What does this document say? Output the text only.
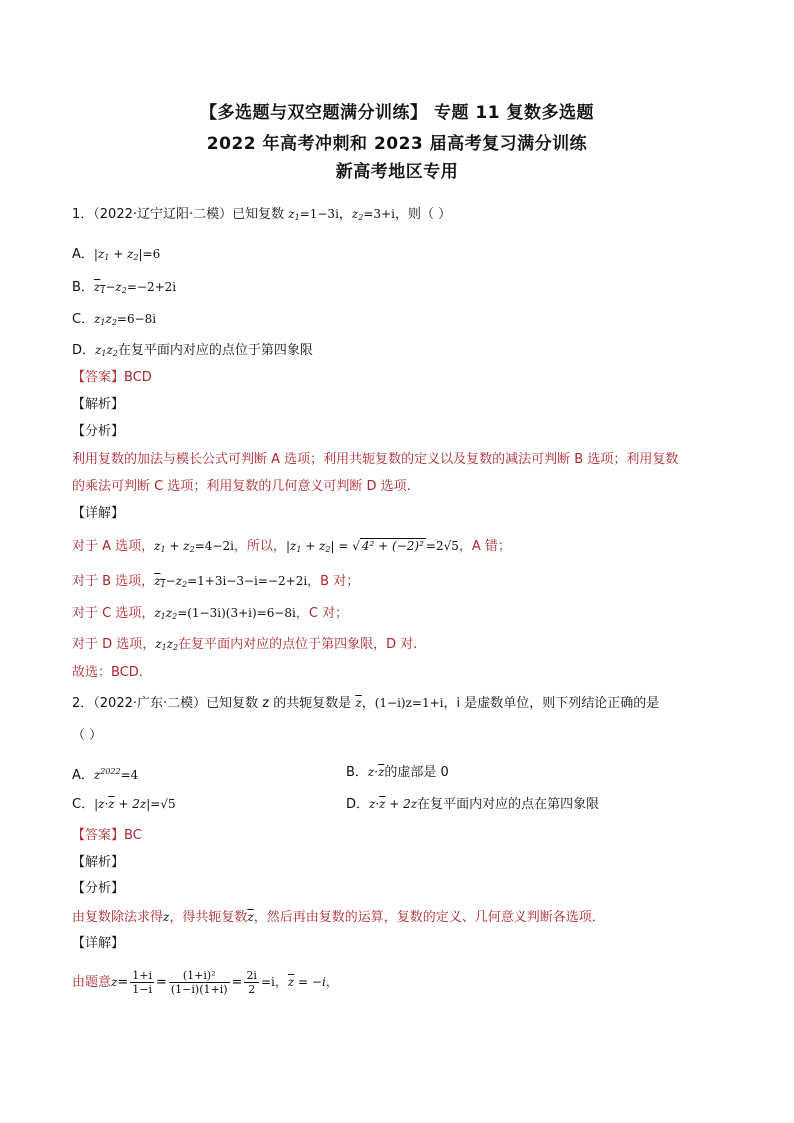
【多选题与双空题满分训练】 专题 11 复数多选题
2022 年高考冲刺和 2023 届高考复习满分训练
新高考地区专用
1．（2022·辽宁辽阳·二模）已知复数 $z_1=1-3i$，$z_2=3+i$，则（ ）
A．$|z_1 + z_2|=6$
B．$z_1-z_2=-2+2i$
C．$z_1z_2=6-8i$
D．$z_1z_2$在复平面内对应的点位于第四象限
【答案】BCD
【解析】
【分析】
利用复数的加法与模长公式可判断 A 选项；利用共轭复数的定义以及复数的减法可判断 B 选项；利用复数
的乘法可判断 C 选项；利用复数的几何意义可判断 D 选项.
【详解】
对于 A 选项，$z_1 + z_2=4-2i$，所以，$|z_1 + z_2|$ = √ 4² + (−2)² =2√5，A 错；
对于 B 选项，$z_1-z_2=1+3i-3-i=-2+2i$，B 对；
对于 C 选项，$z_1z_2=(1-3i)(3+i)=6-8i$，C 对；
对于 D 选项，$z_1z_2$在复平面内对应的点位于第四象限，D 对.
故选：BCD.
2．（2022·广东·二模）已知复数 z 的共轭复数是 $\overline{z}$，(1−i)z=1+i，i 是虚数单位，则下列结论正确的是
（ ）
A．$z^{2022}=4$	B．$z\cdot\overline{z}$的虚部是 0
C．$|z\cdot\overline{z} + 2z|=√5$	D．$z\cdot\overline{z} + 2z$在复平面内对应的点在第四象限
【答案】BC
【解析】
【分析】
由复数除法求得z，得共轭复数$\overline{z}$，然后再由复数的运算，复数的定义、几何意义判断各选项．
【详解】
由题意$z= \frac{1+i}{1-i} = \frac{\text{(1+i)²}}{(1-i)(1+i)} = \frac{2i}{2} =i$，$\overline{z} = -i$，
